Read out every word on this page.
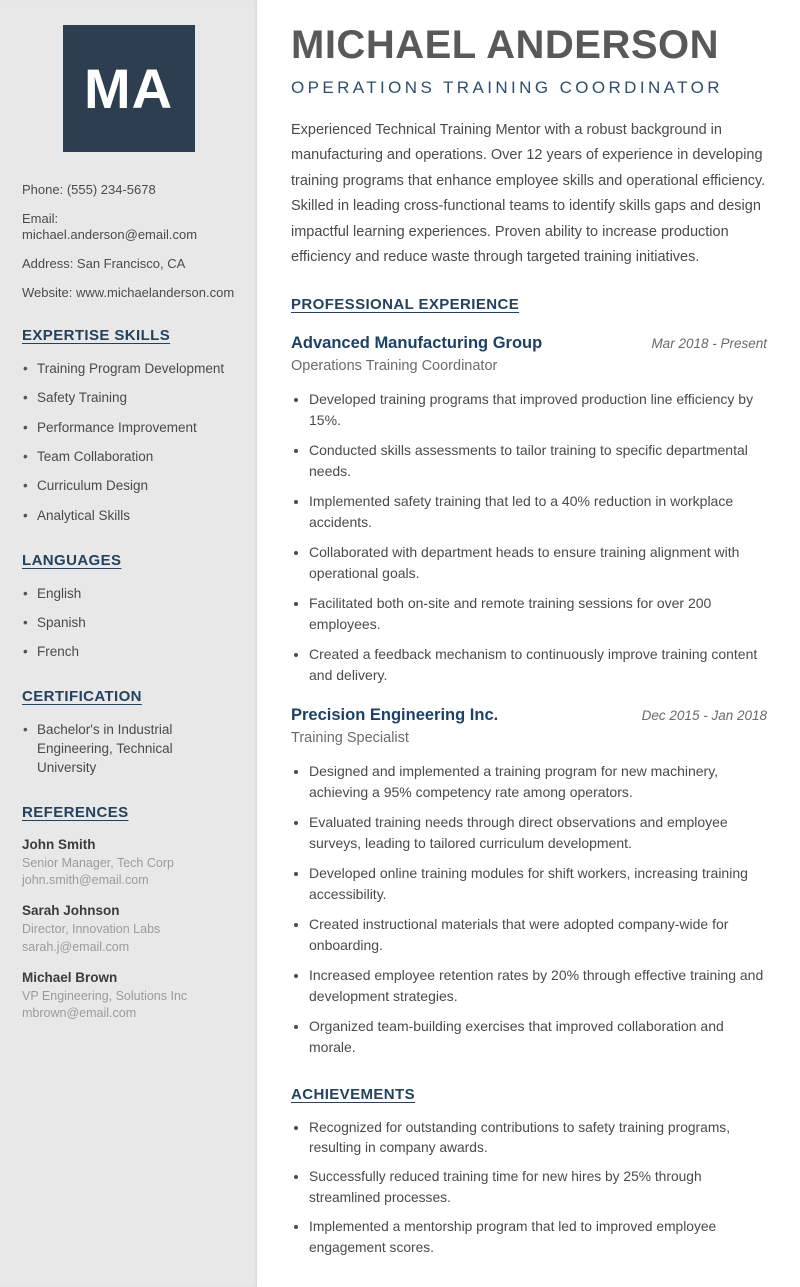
MA
Phone: (555) 234-5678
Email: michael.anderson@email.com
Address: San Francisco, CA
Website: www.michaelanderson.com
EXPERTISE SKILLS
• Training Program Development
• Safety Training
• Performance Improvement
• Team Collaboration
• Curriculum Design
• Analytical Skills
LANGUAGES
• English
• Spanish
• French
CERTIFICATION
• Bachelor's in Industrial Engineering, Technical University
REFERENCES
John Smith
Senior Manager, Tech Corp
john.smith@email.com
Sarah Johnson
Director, Innovation Labs
sarah.j@email.com
Michael Brown
VP Engineering, Solutions Inc
mbrown@email.com
MICHAEL ANDERSON
OPERATIONS TRAINING COORDINATOR

Experienced Technical Training Mentor with a robust background in manufacturing and operations. Over 12 years of experience in developing training programs that enhance employee skills and operational efficiency. Skilled in leading cross-functional teams to identify skills gaps and design impactful learning experiences. Proven ability to increase production efficiency and reduce waste through targeted training initiatives.

PROFESSIONAL EXPERIENCE
Advanced Manufacturing Group	Mar 2018 - Present
Operations Training Coordinator
• Developed training programs that improved production line efficiency by 15%.
• Conducted skills assessments to tailor training to specific departmental needs.
• Implemented safety training that led to a 40% reduction in workplace accidents.
• Collaborated with department heads to ensure training alignment with operational goals.
• Facilitated both on-site and remote training sessions for over 200 employees.
• Created a feedback mechanism to continuously improve training content and delivery.
Precision Engineering Inc.	Dec 2015 - Jan 2018
Training Specialist
• Designed and implemented a training program for new machinery, achieving a 95% competency rate among operators.
• Evaluated training needs through direct observations and employee surveys, leading to tailored curriculum development.
• Developed online training modules for shift workers, increasing training accessibility.
• Created instructional materials that were adopted company-wide for onboarding.
• Increased employee retention rates by 20% through effective training and development strategies.
• Organized team-building exercises that improved collaboration and morale.
ACHIEVEMENTS
• Recognized for outstanding contributions to safety training programs, resulting in company awards.
• Successfully reduced training time for new hires by 25% through streamlined processes.
• Implemented a mentorship program that led to improved employee engagement scores.
